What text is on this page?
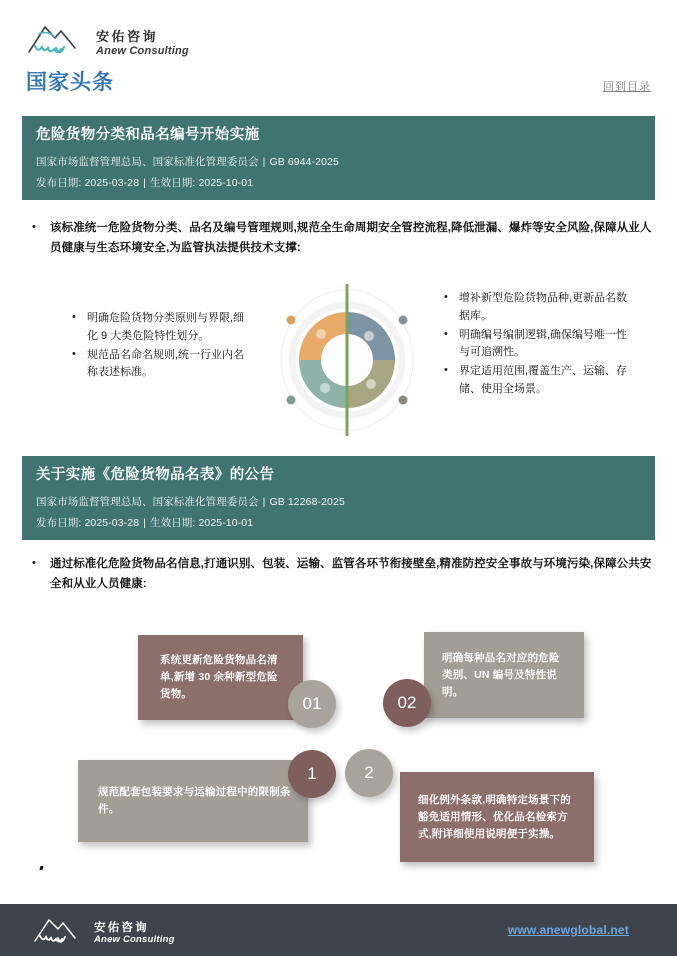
安佑咨询
Anew Consulting
国家头条	回到目录
危险货物分类和品名编号开始实施
国家市场监督管理总局、国家标准化管理委员会 | GB 6944-2025
发布日期: 2025-03-28 | 生效日期: 2025-10-01
•	该标准统一危险货物分类、品名及编号管理规则,规范全生命周期安全管控流程,降低泄漏、爆炸等安全风险,保障从业人员健康与生态环境安全,为监管执法提供技术支撑:
• 明确危险货物分类原则与界限,细化 9 大类危险特性划分。
• 规范品名命名规则,统一行业内名称表述标准。
• 增补新型危险货物品种,更新品名数据库。
• 明确编号编制逻辑,确保编号唯一性与可追溯性。
• 界定适用范围,覆盖生产、运输、存储、使用全场景。
关于实施《危险货物品名表》的公告
国家市场监督管理总局、国家标准化管理委员会 | GB 12268-2025
发布日期: 2025-03-28 | 生效日期: 2025-10-01
•	通过标准化危险货物品名信息,打通识别、包装、运输、监管各环节衔接壁垒,精准防控安全事故与环境污染,保障公共安全和从业人员健康:
系统更新危险货物品名清单,新增 30 余种新型危险货物。	01
明确每种品名对应的危险类别、UN 编号及特性说明。
02
规范配套包装要求与运输过程中的限制条件。
1
细化例外条款,明确特定场景下的豁免适用情形、优化品名检索方式,附详细使用说明便于实操。
2
安佑咨询
Anew Consulting
www.anewglobal.net
